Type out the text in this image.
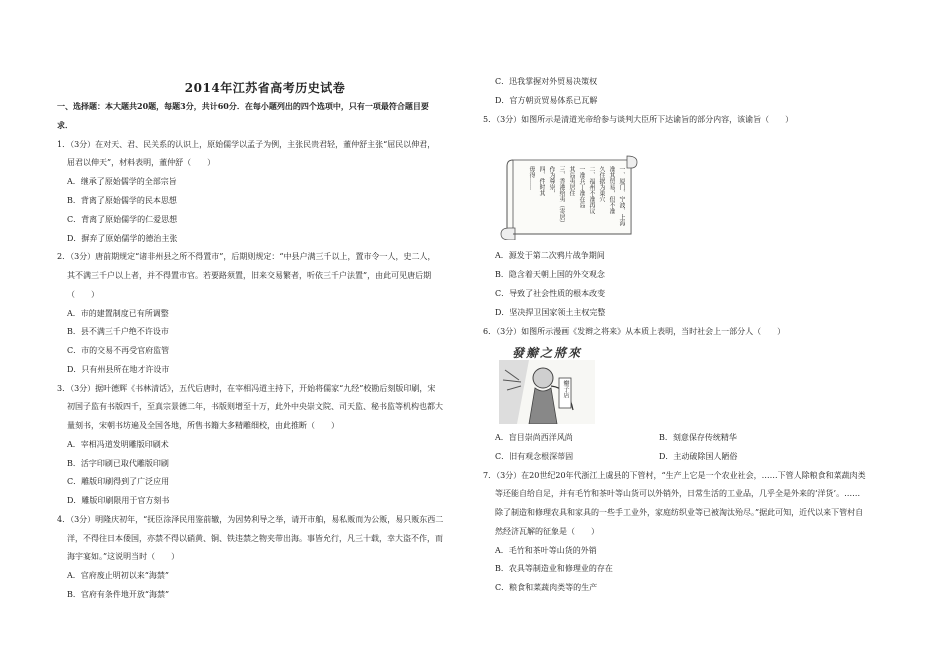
2014年江苏省高考历史试卷
一、选择题：本大题共20题，每题3分，共计60分．在每小题列出的四个选项中，只有一项最符合题目要
求．
1．（3分）在对天、君、民关系的认识上，原始儒学以孟子为例，主张民贵君轻，董仲舒主张“屈民以伸君，
屈君以伸天”，材料表明，董仲舒（　　）
A．继承了原始儒学的全部宗旨
B．背离了原始儒学的民本思想
C．背离了原始儒学的仁爱思想
D．摒弃了原始儒学的德治主张
2．（3分）唐前期规定“诸非州县之所不得置市”，后期则规定：“中县户满三千以上，置市令一人，史二人，
其不满三千户以上者，并不得置市官。若要路须置，旧来交易繁者，听依三千户法置”，由此可见唐后期
（　　）
A．市的建置制度已有所调整
B．县不满三千户绝不许设市
C．市的交易不再受官府监管
D．只有州县所在地才许设市
3．（3分）据叶德辉《书林清话》，五代后唐时，在宰相冯道主持下，开始将儒家“九经”校勘后刻版印刷，宋
初国子监有书版四千，至真宗景德二年，书版则增至十万，此外中央崇文院、司天监、秘书监等机构也都大
量刻书，宋朝书坊遍及全国各地，所售书籍大多精雕细校，由此推断（　　）
A．宰相冯道发明雕版印刷术
B．活字印刷已取代雕版印刷
C．雕版印刷得到了广泛应用
D．雕版印刷限用于官方刻书
4．（3分）明隆庆初年，“抚臣涂泽民用鉴前辙，为因势利导之举，请开市舶，易私贩而为公贩，易只贩东西二
洋，不得往日本倭国，亦禁不得以硝黄、铜、铁违禁之物夹带出海。事皆允行，凡三十载，幸大盗不作，而
海宇宴如。”这说明当时（　　）
A．官府废止明初以来“海禁”
B．官府有条件地开放“海禁”
C．迅我掌握对外贸易决策权
D．官方朝贡贸易体系已瓦解
5．（3分）如图所示是清道光帝给参与谈判大臣所下达谕旨的部分内容，该谕旨（　　）
一、厦门、宁波、上海
准其贸易，但不准
久住据为巢穴
二、福州不准再议
一准兵丁准在岛
其岛夷居住
三、香港给夷（寄居）
作为尊崇，
四、件时其
毋得……
A．源发于第二次鸦片战争期间
B．隐含着天朝上国的外交观念
C．导致了社会性质的根本改变
D．坚决捍卫国家领土主权完整
6．（3分）如图所示漫画《发辫之将来》从本质上表明，当时社会上一部分人（　　）
發辮之將來
辮子店
A．盲目崇尚西洋风尚	B．刻意保存传统精华
C．旧有观念根深蒂固	D．主动破除国人陋俗
7．（3分）在20世纪20年代浙江上虞县的下管村，“生产上它是一个农业社会，……下管人除粮食和菜蔬肉类
等还能自给自足，并有毛竹和茶叶等山货可以外销外，日常生活的工业品，几乎全是外来的‘洋货’。……
除了制造和修理农具和家具的一些手工业外，家庭纺织业等已被淘汰殆尽。”据此可知，近代以来下管村自
然经济瓦解的征象是（　　）
A．毛竹和茶叶等山货的外销
B．农具等制造业和修理业的存在
C．粮食和菜蔬肉类等的生产
